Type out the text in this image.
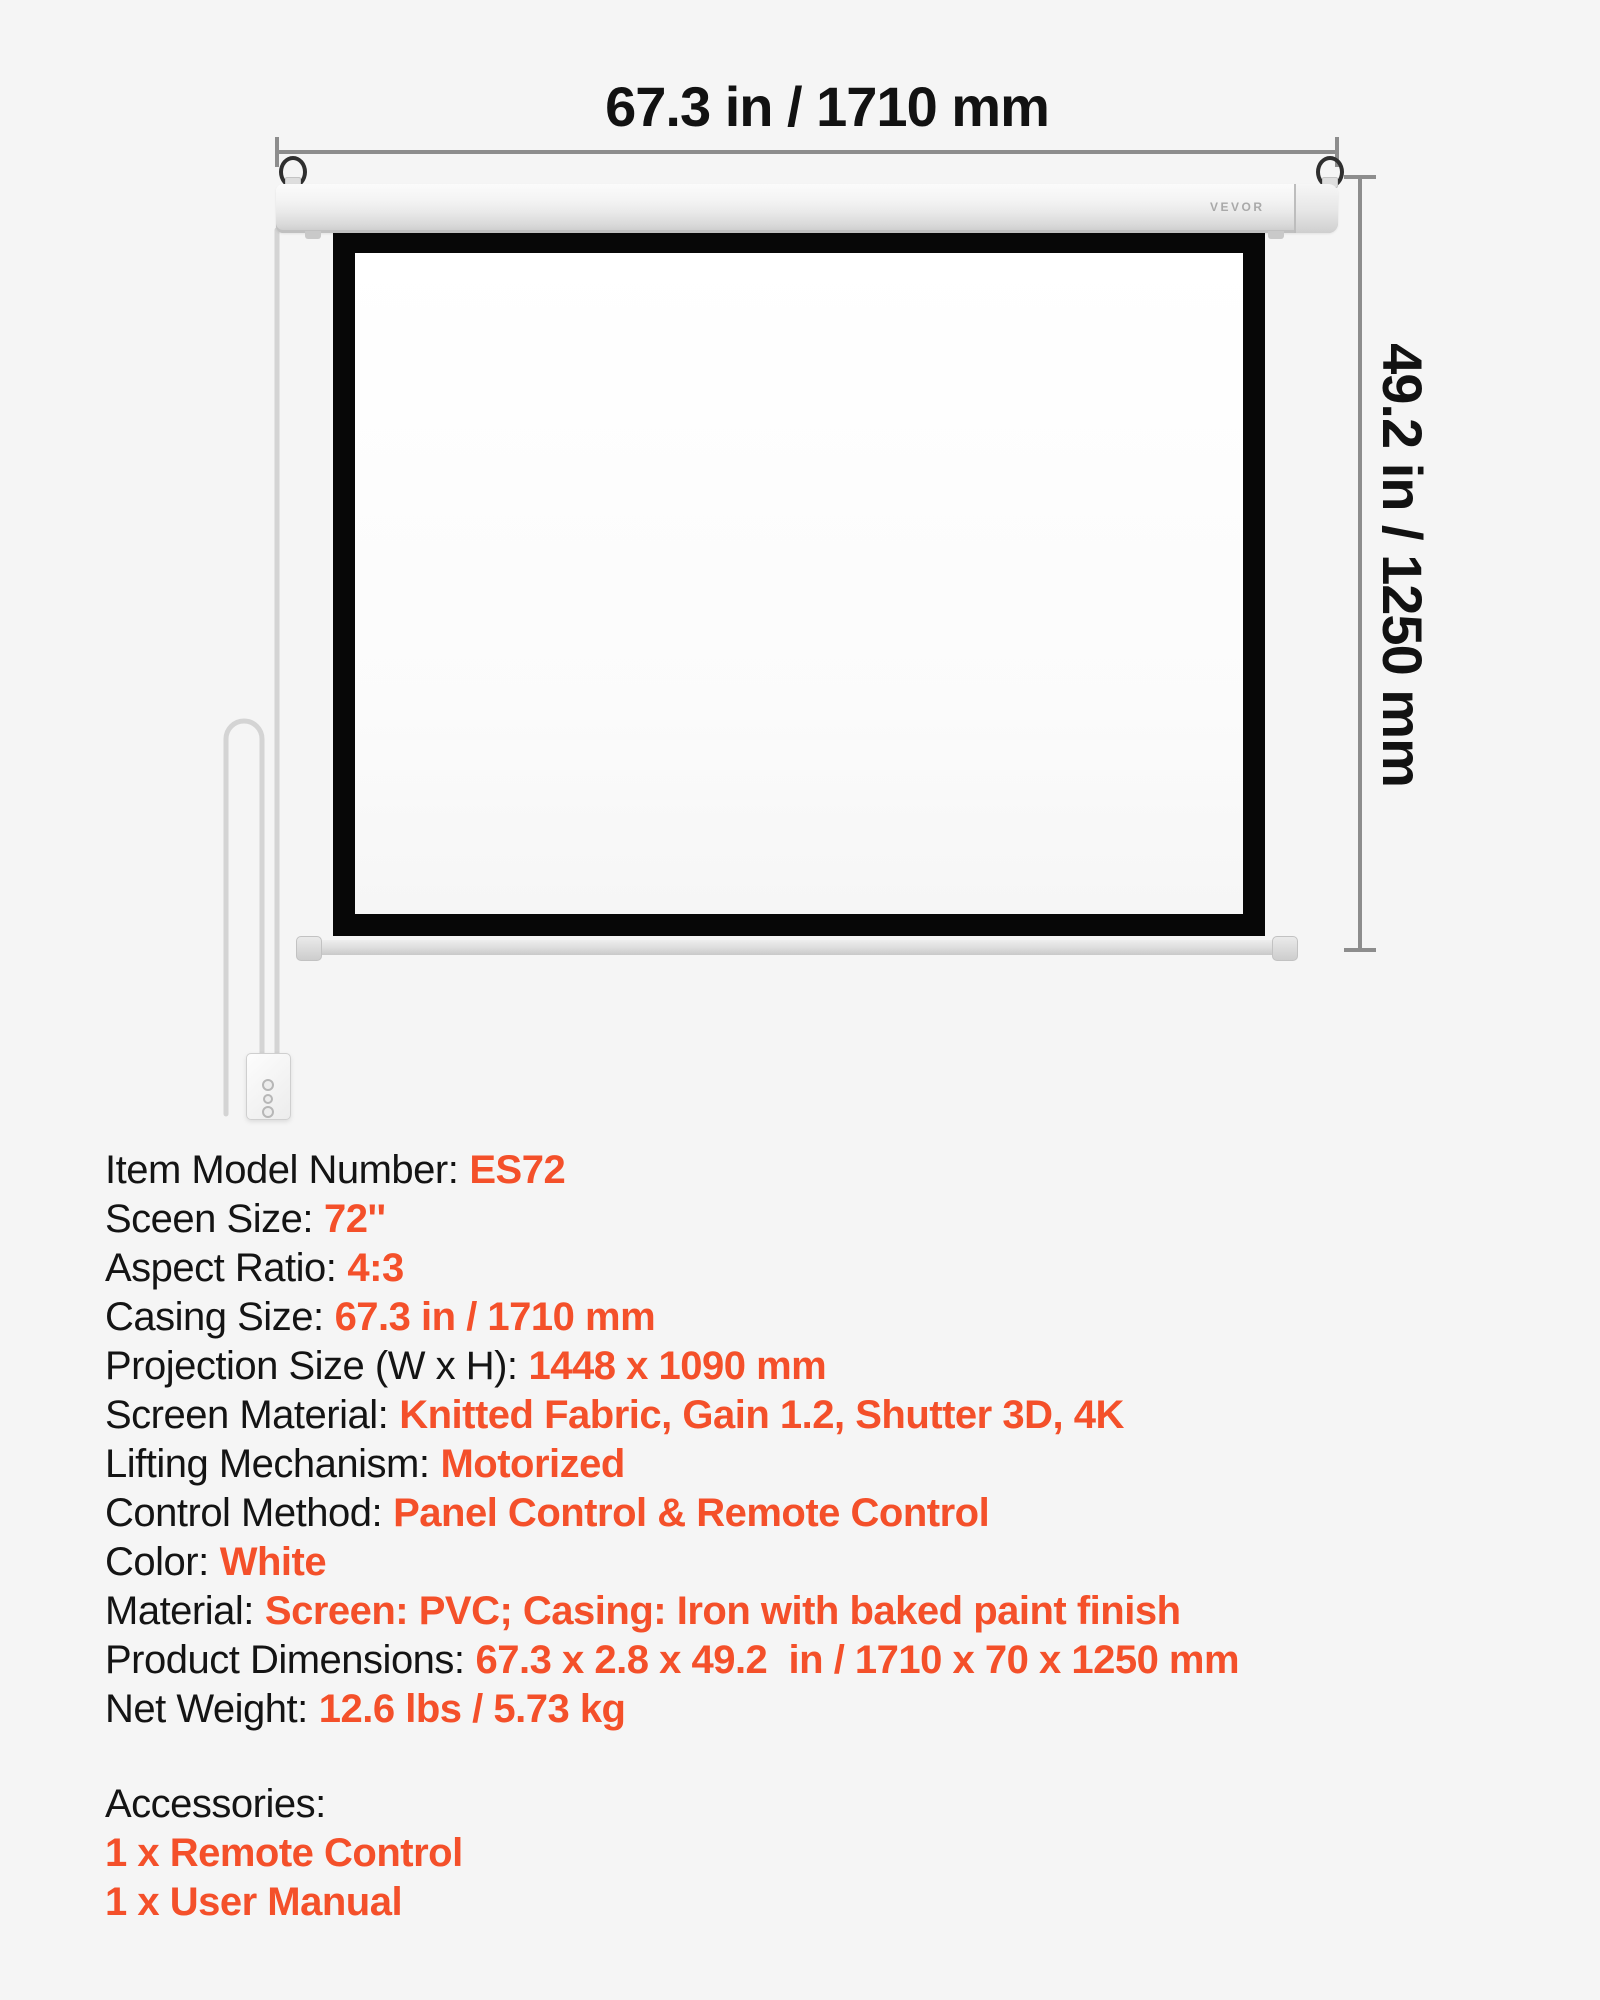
67.3 in / 1710 mm
49.2 in / 1250 mm
VEVOR
Item Model Number: ES72
Sceen Size: 72''
Aspect Ratio: 4:3
Casing Size: 67.3 in / 1710 mm
Projection Size (W x H): 1448 x 1090 mm
Screen Material: Knitted Fabric, Gain 1.2, Shutter 3D, 4K
Lifting Mechanism: Motorized
Control Method: Panel Control & Remote Control
Color: White
Material: Screen: PVC; Casing: Iron with baked paint finish
Product Dimensions: 67.3 x 2.8 x 49.2  in / 1710 x 70 x 1250 mm
Net Weight: 12.6 lbs / 5.73 kg
Accessories:
1 x Remote Control
1 x User Manual
